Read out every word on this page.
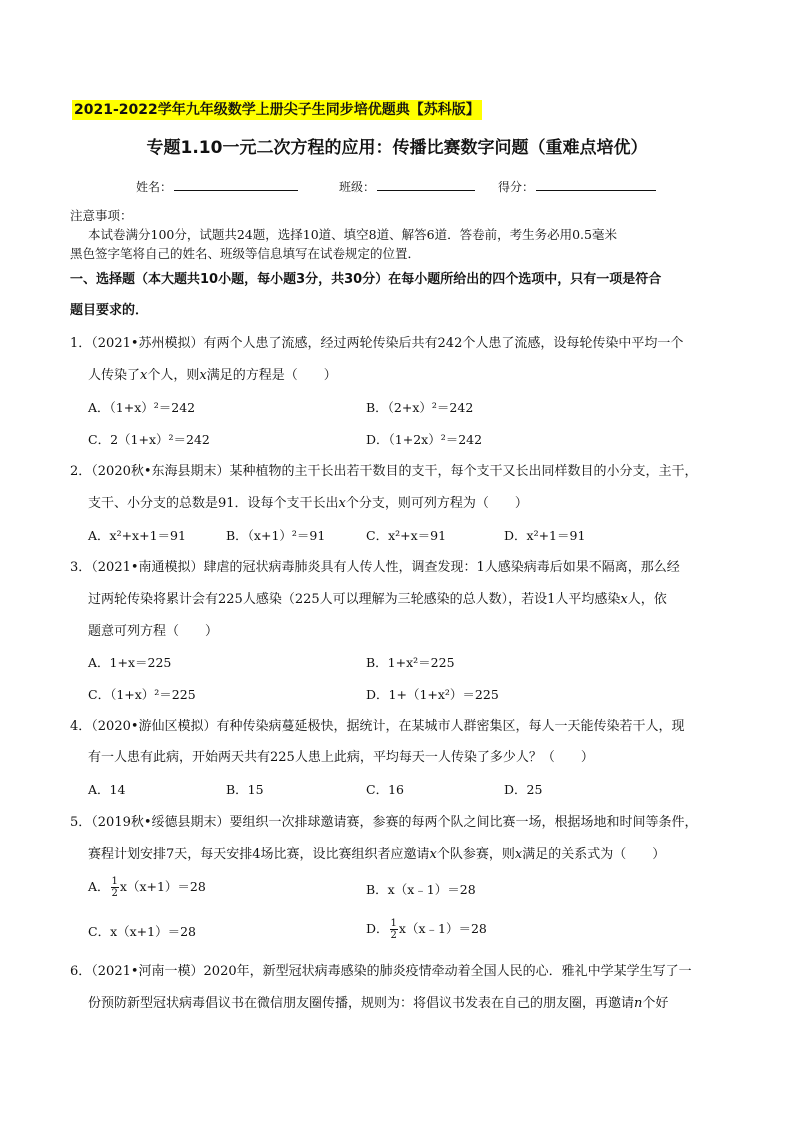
2021-2022学年九年级数学上册尖子生同步培优题典【苏科版】
专题1.10一元二次方程的应用：传播比赛数字问题（重难点培优）
姓名：	班级：	得分：
注意事项：
本试卷满分100分，试题共24题，选择10道、填空8道、解答6道．答卷前，考生务必用0.5毫米
黑色签字笔将自己的姓名、班级等信息填写在试卷规定的位置．
一、选择题（本大题共10小题，每小题3分，共30分）在每小题所给出的四个选项中，只有一项是符合
题目要求的．
1．（2021•苏州模拟）有两个人患了流感，经过两轮传染后共有242个人患了流感，设每轮传染中平均一个
人传染了x个人，则x满足的方程是（　　）
A．（1+x）²＝242	B．（2+x）²＝242
C．2（1+x）²＝242	D．（1+2x）²＝242
2．（2020秋•东海县期末）某种植物的主干长出若干数目的支干，每个支干又长出同样数目的小分支，主干，
支干、小分支的总数是91．设每个支干长出x个分支，则可列方程为（　　）
A．x²+x+1＝91	B．（x+1）²＝91	C．x²+x＝91	D．x²+1＝91
3．（2021•南通模拟）肆虐的冠状病毒肺炎具有人传人性，调查发现：1人感染病毒后如果不隔离，那么经
过两轮传染将累计会有225人感染（225人可以理解为三轮感染的总人数），若设1人平均感染x人，依
题意可列方程（　　）
A．1+x＝225	B．1+x²＝225
C．（1+x）²＝225	D．1+（1+x²）＝225
4．（2020•游仙区模拟）有种传染病蔓延极快，据统计，在某城市人群密集区，每人一天能传染若干人，现
有一人患有此病，开始两天共有225人患上此病，平均每天一人传染了多少人？（　　）
A．14	B．15	C．16	D．25
5．（2019秋•绥德县期末）要组织一次排球邀请赛，参赛的每两个队之间比赛一场，根据场地和时间等条件，
赛程计划安排7天，每天安排4场比赛，设比赛组织者应邀请x个队参赛，则x满足的关系式为（　　）
A． $\frac{1}{2} x(x+1)=28$	B．x（x﹣1）＝28
C．x（x+1）＝28	D． $\frac{1}{2}$ x（x﹣1）＝28
6．（2021•河南一模）2020年，新型冠状病毒感染的肺炎疫情牵动着全国人民的心．雅礼中学某学生写了一
份预防新型冠状病毒倡议书在微信朋友圈传播，规则为：将倡议书发表在自己的朋友圈，再邀请n个好
